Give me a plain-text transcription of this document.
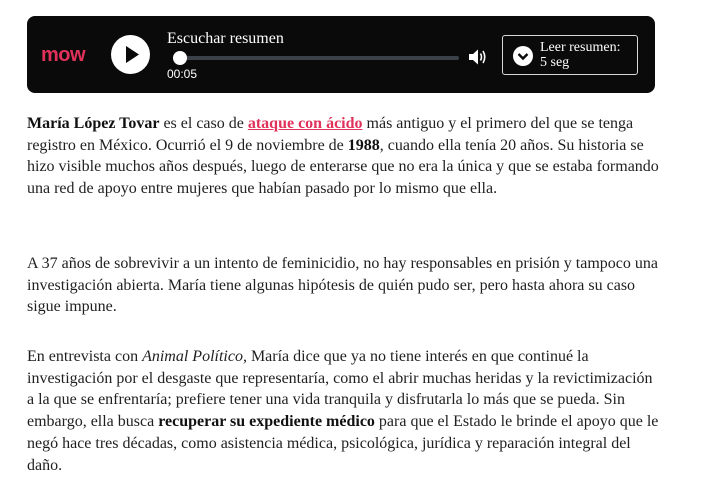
mow
Escuchar resumen
00:05
Leer resumen:
5 seg

María López Tovar es el caso de ataque con ácido más antiguo y el primero del que se tenga registro en México. Ocurrió el 9 de noviembre de 1988, cuando ella tenía 20 años. Su historia se hizo visible muchos años después, luego de enterarse que no era la única y que se estaba formando una red de apoyo entre mujeres que habían pasado por lo mismo que ella.

A 37 años de sobrevivir a un intento de feminicidio, no hay responsables en prisión y tampoco una investigación abierta. María tiene algunas hipótesis de quién pudo ser, pero hasta ahora su caso sigue impune.

En entrevista con Animal Político, María dice que ya no tiene interés en que continué la investigación por el desgaste que representaría, como el abrir muchas heridas y la revictimización a la que se enfrentaría; prefiere tener una vida tranquila y disfrutarla lo más que se pueda. Sin embargo, ella busca recuperar su expediente médico para que el Estado le brinde el apoyo que le negó hace tres décadas, como asistencia médica, psicológica, jurídica y reparación integral del daño.
